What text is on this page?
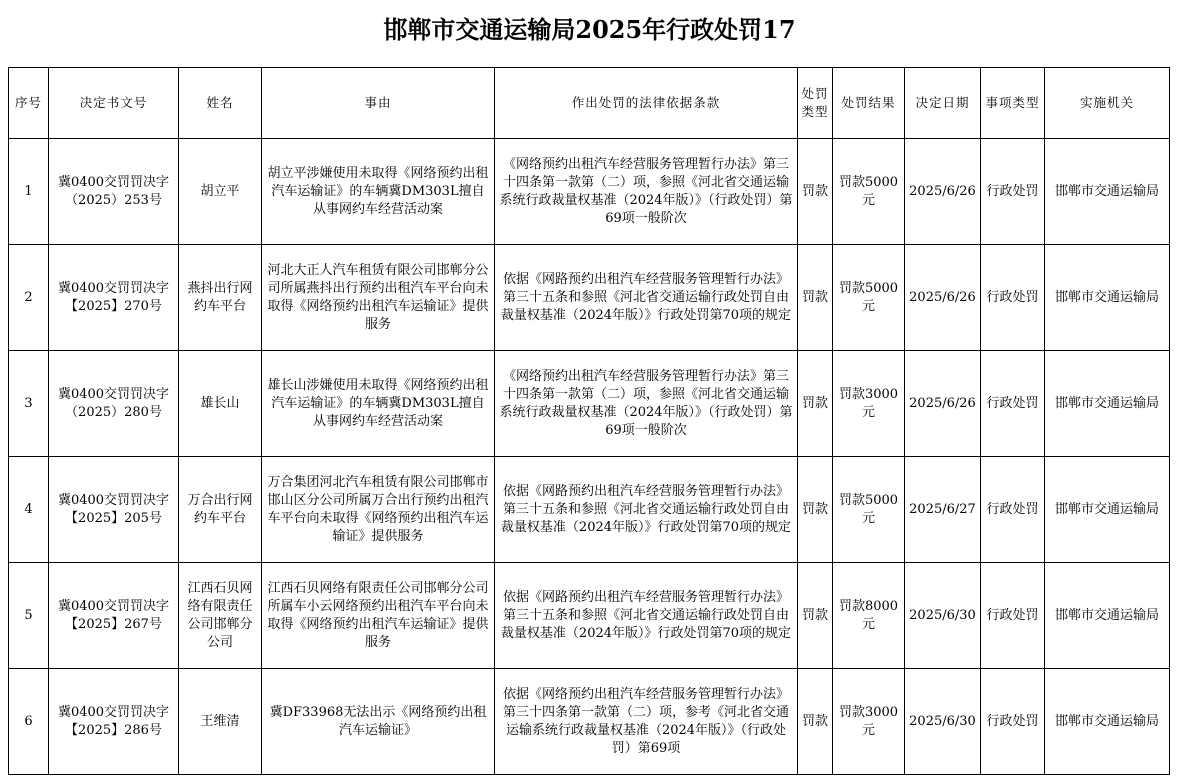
邯郸市交通运输局2025年行政处罚17
序号	决定书文号	姓名	事由	作出处罚的法律依据条款	处罚类型	处罚结果	决定日期	事项类型	实施机关
1	冀0400交罚罚决字（2025）253号	胡立平	胡立平涉嫌使用未取得《网络预约出租汽车运输证》的车辆冀DM303L擅自从事网约车经营活动案	《网络预约出租汽车经营服务管理暂行办法》第三十四条第一款第（二）项，参照《河北省交通运输系统行政裁量权基准（2024年版）》（行政处罚）第69项一般阶次	罚款	罚款5000元	2025/6/26	行政处罚	邯郸市交通运输局
2	冀0400交罚罚决字【2025】270号	燕抖出行网约车平台	河北大正人汽车租赁有限公司邯郸分公司所属燕抖出行预约出租汽车平台向未取得《网络预约出租汽车运输证》提供服务	依据《网路预约出租汽车经营服务管理暂行办法》第三十五条和参照《河北省交通运输行政处罚自由裁量权基准（2024年版）》行政处罚第70项的规定	罚款	罚款5000元	2025/6/26	行政处罚	邯郸市交通运输局
3	冀0400交罚罚决字（2025）280号	雄长山	雄长山涉嫌使用未取得《网络预约出租汽车运输证》的车辆冀DM303L擅自从事网约车经营活动案	《网络预约出租汽车经营服务管理暂行办法》第三十四条第一款第（二）项，参照《河北省交通运输系统行政裁量权基准（2024年版）》（行政处罚）第69项一般阶次	罚款	罚款3000元	2025/6/26	行政处罚	邯郸市交通运输局
4	冀0400交罚罚决字【2025】205号	万合出行网约车平台	万合集团河北汽车租赁有限公司邯郸市邯山区分公司所属万合出行预约出租汽车平台向未取得《网络预约出租汽车运输证》提供服务	依据《网路预约出租汽车经营服务管理暂行办法》第三十五条和参照《河北省交通运输行政处罚自由裁量权基准（2024年版）》行政处罚第70项的规定	罚款	罚款5000元	2025/6/27	行政处罚	邯郸市交通运输局
5	冀0400交罚罚决字【2025】267号	江西石贝网络有限责任公司邯郸分公司	江西石贝网络有限责任公司邯郸分公司所属车小云网络预约出租汽车平台向未取得《网络预约出租汽车运输证》提供服务	依据《网路预约出租汽车经营服务管理暂行办法》第三十五条和参照《河北省交通运输行政处罚自由裁量权基准（2024年版）》行政处罚第70项的规定	罚款	罚款8000元	2025/6/30	行政处罚	邯郸市交通运输局
6	冀0400交罚罚决字【2025】286号	王维清	冀DF33968无法出示《网络预约出租汽车运输证》	依据《网络预约出租汽车经营服务管理暂行办法》第三十四条第一款第（二）项，参考《河北省交通运输系统行政裁量权基准（2024年版）》（行政处罚）第69项	罚款	罚款3000元	2025/6/30	行政处罚	邯郸市交通运输局
